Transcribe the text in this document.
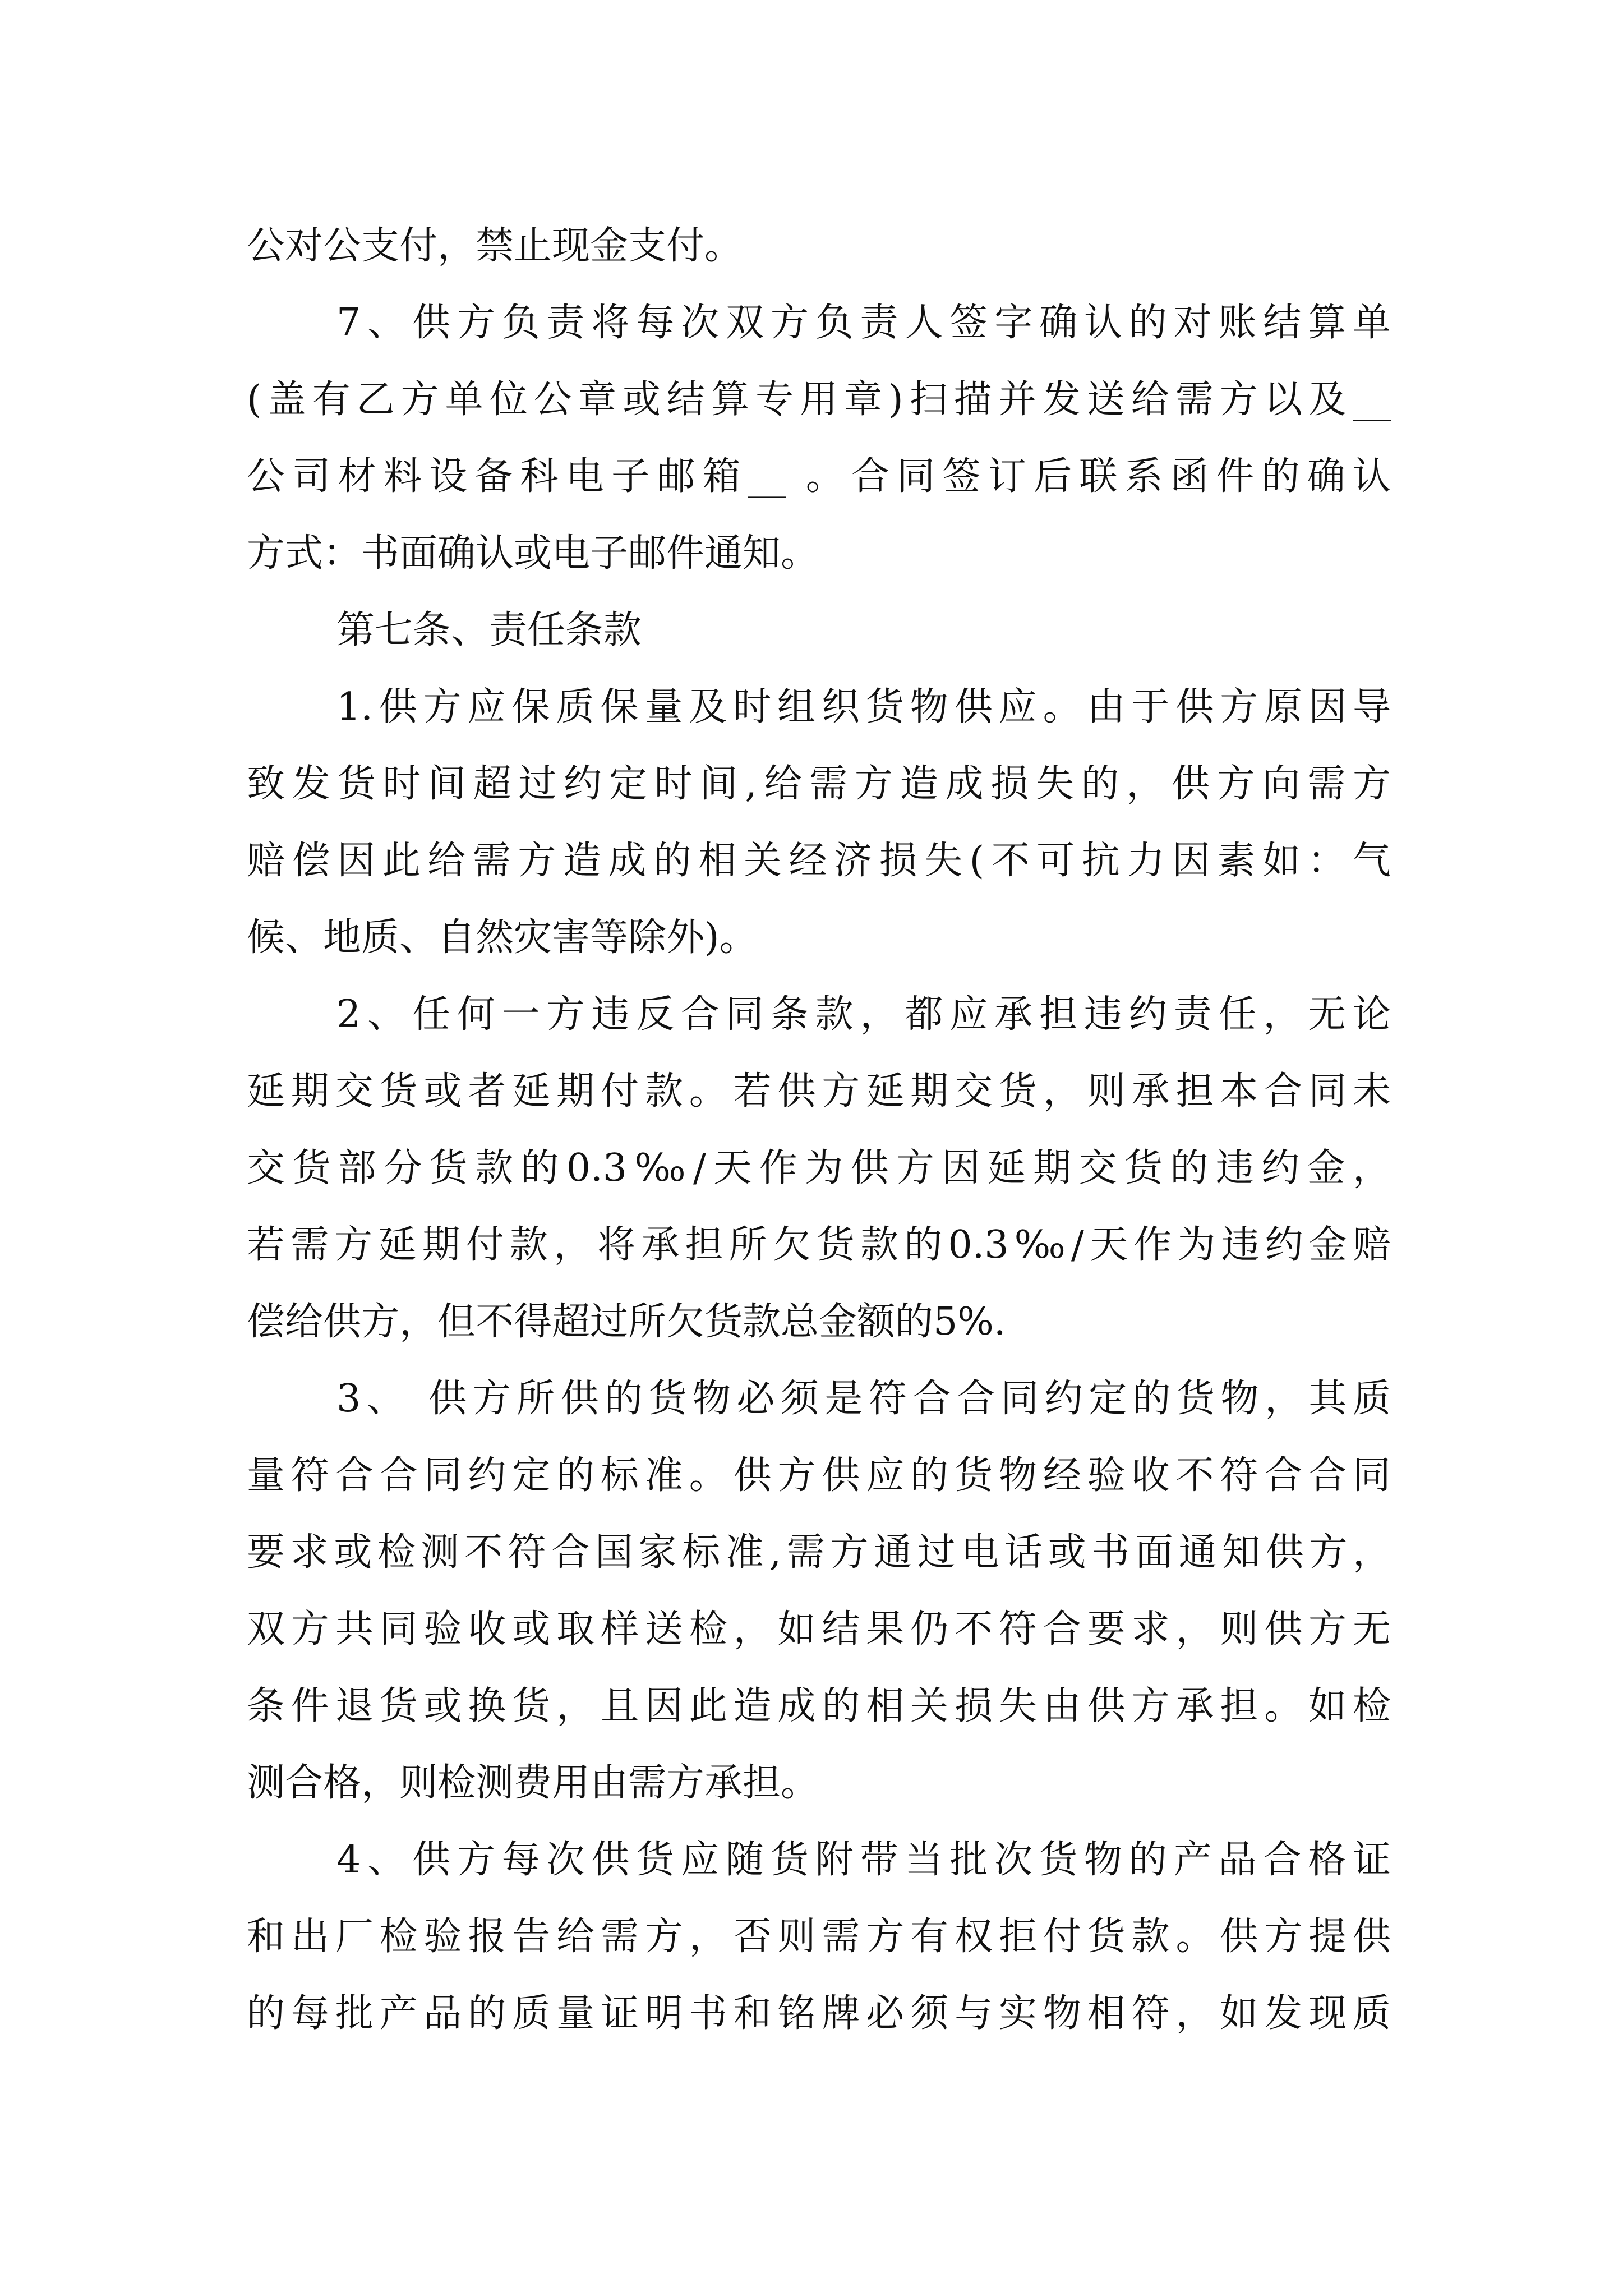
公对公支付，禁止现金支付。
7、供方负责将每次双方负责人签字确认的对账结算单
(盖有乙方单位公章或结算专用章)扫描并发送给需方以及__
公司材料设备科电子邮箱__ 。合同签订后联系函件的确认
方式：书面确认或电子邮件通知。
第七条、责任条款
1.供方应保质保量及时组织货物供应。由于供方原因导
致发货时间超过约定时间,给需方造成损失的，供方向需方
赔偿因此给需方造成的相关经济损失(不可抗力因素如：气
候、地质、自然灾害等除外)。
2、任何一方违反合同条款，都应承担违约责任，无论
延期交货或者延期付款。若供方延期交货，则承担本合同未
交货部分货款的0.3‰/天作为供方因延期交货的违约金，
若需方延期付款，将承担所欠货款的0.3‰/天作为违约金赔
偿给供方，但不得超过所欠货款总金额的5%.
3、 供方所供的货物必须是符合合同约定的货物，其质
量符合合同约定的标准。供方供应的货物经验收不符合合同
要求或检测不符合国家标准,需方通过电话或书面通知供方，
双方共同验收或取样送检，如结果仍不符合要求，则供方无
条件退货或换货，且因此造成的相关损失由供方承担。如检
测合格，则检测费用由需方承担。
4、供方每次供货应随货附带当批次货物的产品合格证
和出厂检验报告给需方，否则需方有权拒付货款。供方提供
的每批产品的质量证明书和铭牌必须与实物相符，如发现质
